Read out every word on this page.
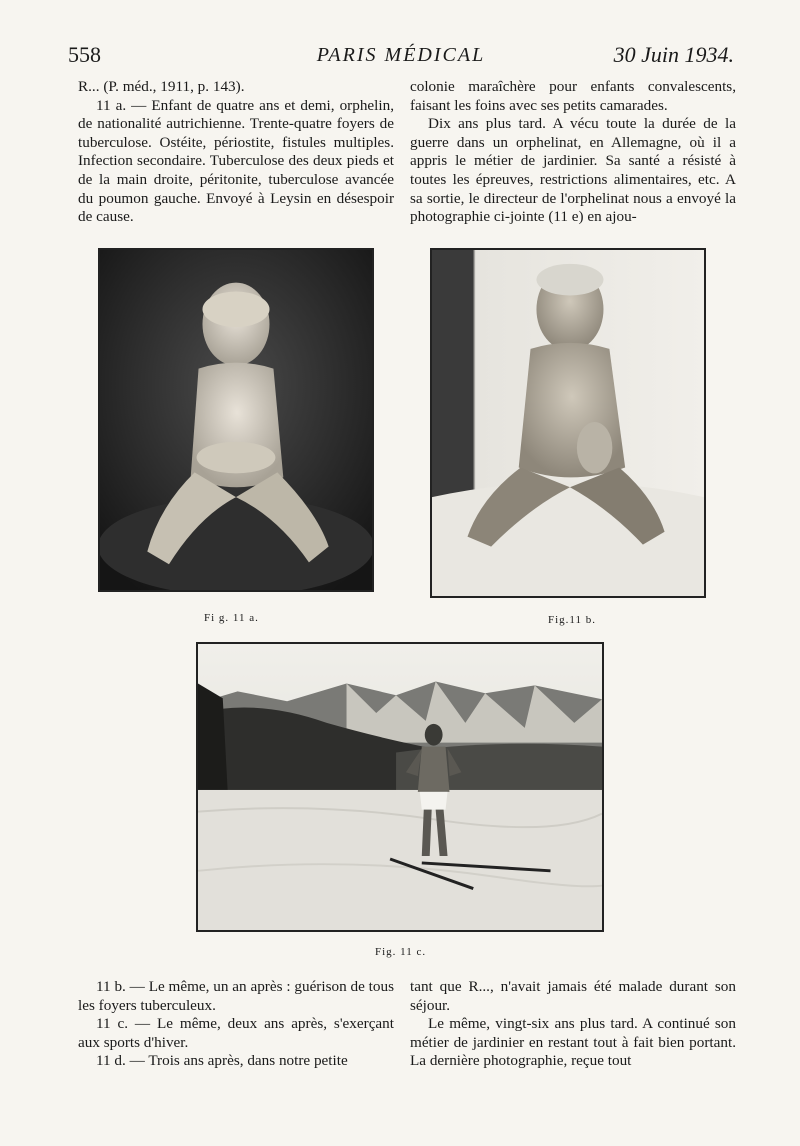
558	PARIS MÉDICAL	30 Juin 1934.

R... (P. méd., 1911, p. 143).

11 a. — Enfant de quatre ans et demi, orphelin, de nationalité autrichienne. Trente-quatre foyers de tuberculose. Ostéite, périostite, fistules multiples. Infection secondaire. Tuberculose des deux pieds et de la main droite, péritonite, tuberculose avancée du poumon gauche. Envoyé à Leysin en désespoir de cause.

colonie maraîchère pour enfants convalescents, faisant les foins avec ses petits camarades.

Dix ans plus tard. A vécu toute la durée de la guerre dans un orphelinat, en Allemagne, où il a appris le métier de jardinier. Sa santé a résisté à toutes les épreuves, restrictions alimentaires, etc. A sa sortie, le directeur de l'orphelinat nous a envoyé la photographie ci-jointe (11 e) en ajou-

Fi g. 11 a.	Fig.11 b.
Fig. 11 c.

11 b. — Le même, un an après : guérison de tous les foyers tuberculeux.

11 c. — Le même, deux ans après, s'exerçant aux sports d'hiver.

11 d. — Trois ans après, dans notre petite

tant que R..., n'avait jamais été malade durant son séjour.

Le même, vingt-six ans plus tard. A continué son métier de jardinier en restant tout à fait bien portant. La dernière photographie, reçue tout
